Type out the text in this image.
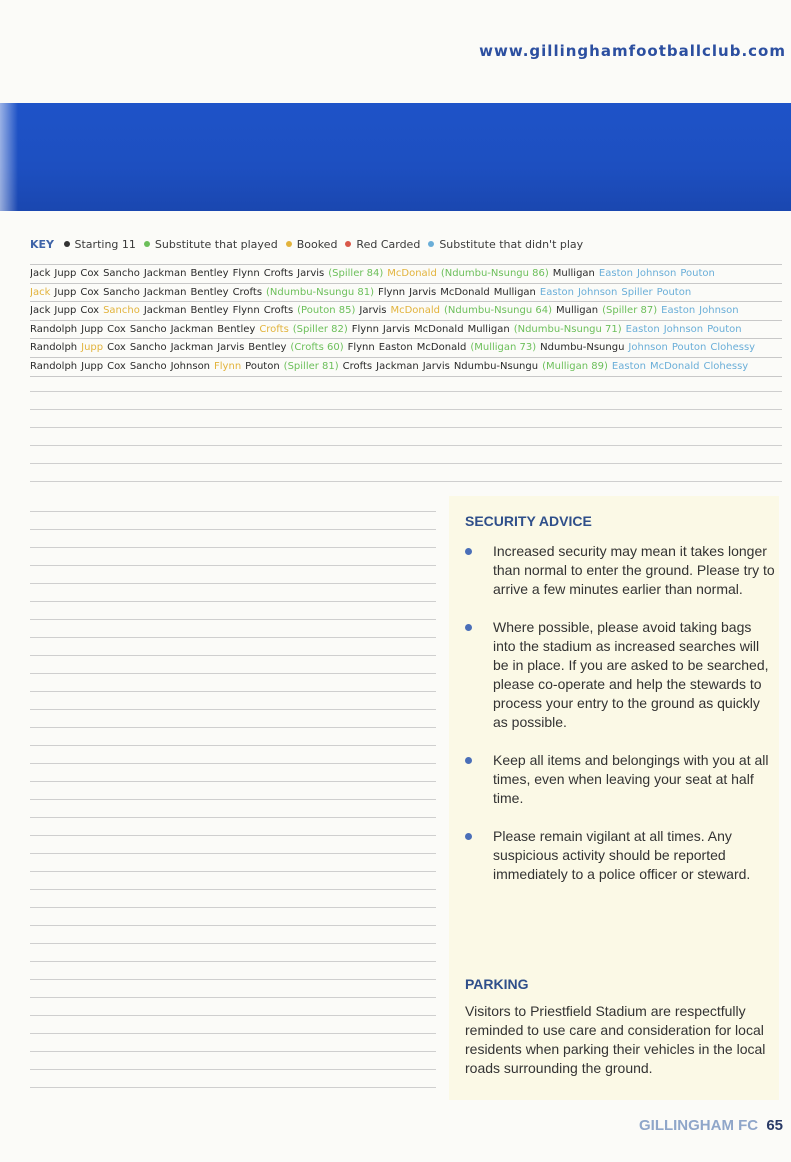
www.gillinghamfootballclub.com
KEY Starting 11 Substitute that played Booked Red Carded Substitute that didn't play
Jack Jupp Cox Sancho Jackman Bentley Flynn Crofts Jarvis (Spiller 84) McDonald (Ndumbu-Nsungu 86) Mulligan Easton Johnson Pouton
Jack Jupp Cox Sancho Jackman Bentley Crofts (Ndumbu-Nsungu 81) Flynn Jarvis McDonald Mulligan Easton Johnson Spiller Pouton
Jack Jupp Cox Sancho Jackman Bentley Flynn Crofts (Pouton 85) Jarvis McDonald (Ndumbu-Nsungu 64) Mulligan (Spiller 87) Easton Johnson
Randolph Jupp Cox Sancho Jackman Bentley Crofts (Spiller 82) Flynn Jarvis McDonald Mulligan (Ndumbu-Nsungu 71) Easton Johnson Pouton
Randolph Jupp Cox Sancho Jackman Jarvis Bentley (Crofts 60) Flynn Easton McDonald (Mulligan 73) Ndumbu-Nsungu Johnson Pouton Clohessy
Randolph Jupp Cox Sancho Johnson Flynn Pouton (Spiller 81) Crofts Jackman Jarvis Ndumbu-Nsungu (Mulligan 89) Easton McDonald Clohessy
SECURITY ADVICE
Increased security may mean it takes longer than normal to enter the ground. Please try to arrive a few minutes earlier than normal.
Where possible, please avoid taking bags into the stadium as increased searches will be in place. If you are asked to be searched, please co-operate and help the stewards to process your entry to the ground as quickly as possible.
Keep all items and belongings with you at all times, even when leaving your seat at half time.
Please remain vigilant at all times. Any suspicious activity should be reported immediately to a police officer or steward.
PARKING
Visitors to Priestfield Stadium are respectfully reminded to use care and consideration for local residents when parking their vehicles in the local roads surrounding the ground.
GILLINGHAM FC 65
